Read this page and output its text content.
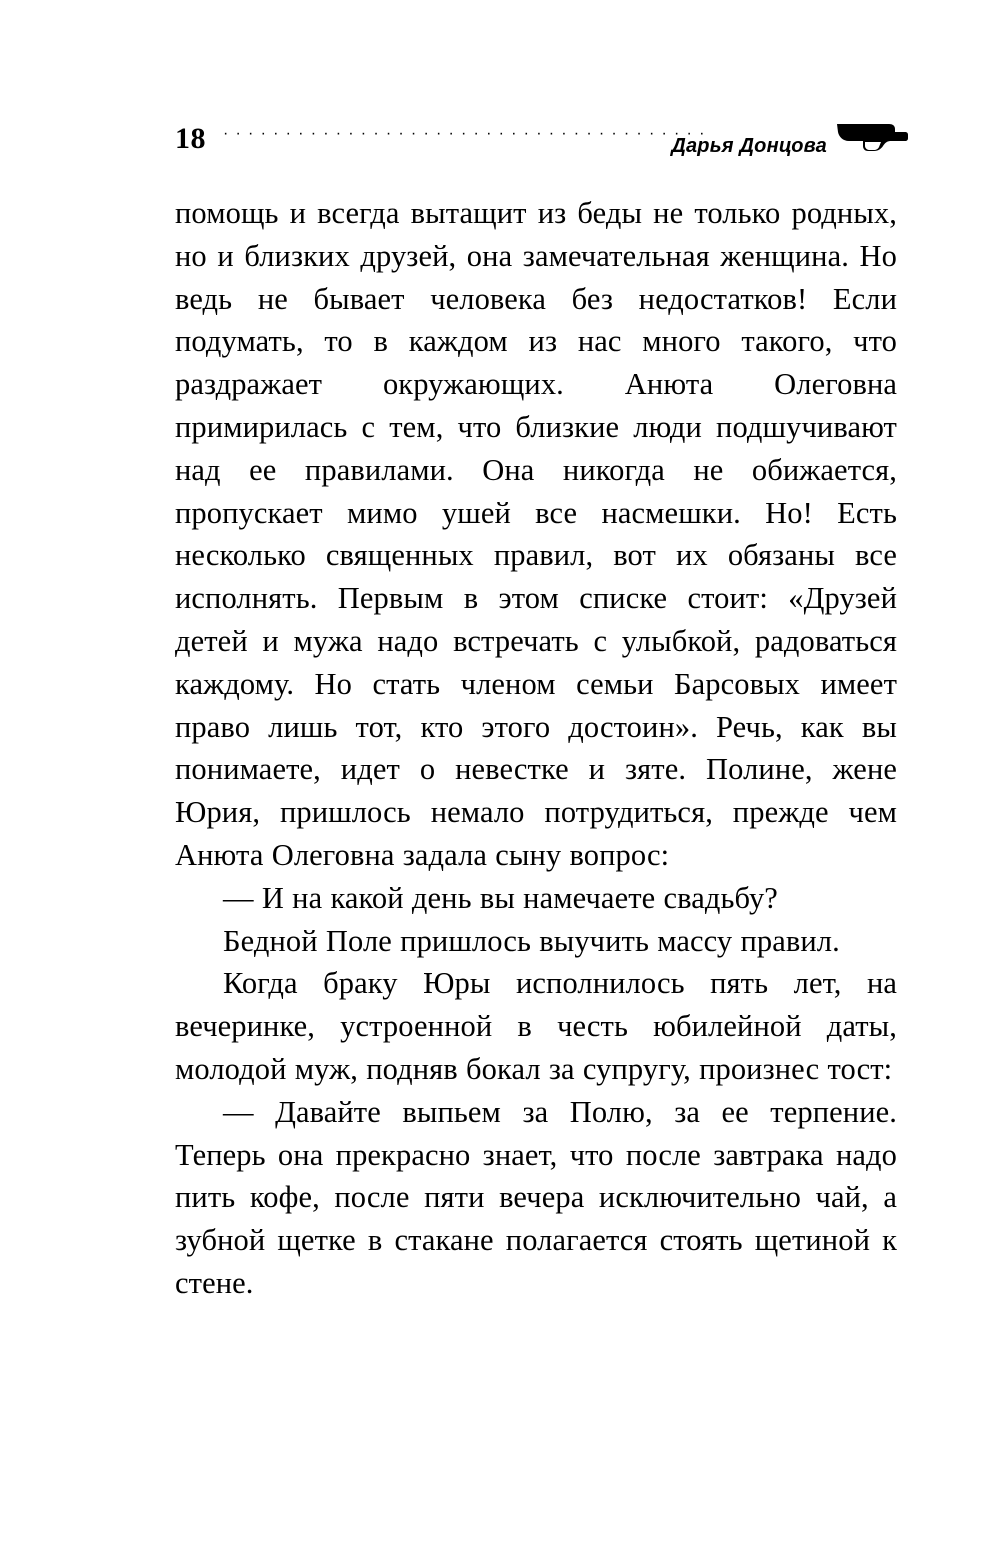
18 ·······································
Дарья Донцова

помощь и всегда вытащит из беды не только родных, но и близких друзей, она замечательная женщина. Но ведь не бывает человека без недостатков! Если подумать, то в каждом из нас много такого, что раздражает окружающих. Анюта Олеговна примирилась с тем, что близкие люди подшучивают над ее правилами. Она никогда не обижается, пропускает мимо ушей все насмешки. Но! Есть несколько священных правил, вот их обязаны все исполнять. Первым в этом списке стоит: «Друзей детей и мужа надо встречать с улыбкой, радоваться каждому. Но стать членом семьи Барсовых имеет право лишь тот, кто этого достоин». Речь, как вы понимаете, идет о невестке и зяте. Полине, жене Юрия, пришлось немало потрудиться, прежде чем Анюта Олеговна задала сыну вопрос:

— И на какой день вы намечаете свадьбу?

Бедной Поле пришлось выучить массу правил.

Когда браку Юры исполнилось пять лет, на вечеринке, устроенной в честь юбилейной даты, молодой муж, подняв бокал за супругу, произнес тост:

— Давайте выпьем за Полю, за ее терпение. Теперь она прекрасно знает, что после завтрака надо пить кофе, после пяти вечера исключительно чай, а зубной щетке в стакане полагается стоять щетиной к стене.
